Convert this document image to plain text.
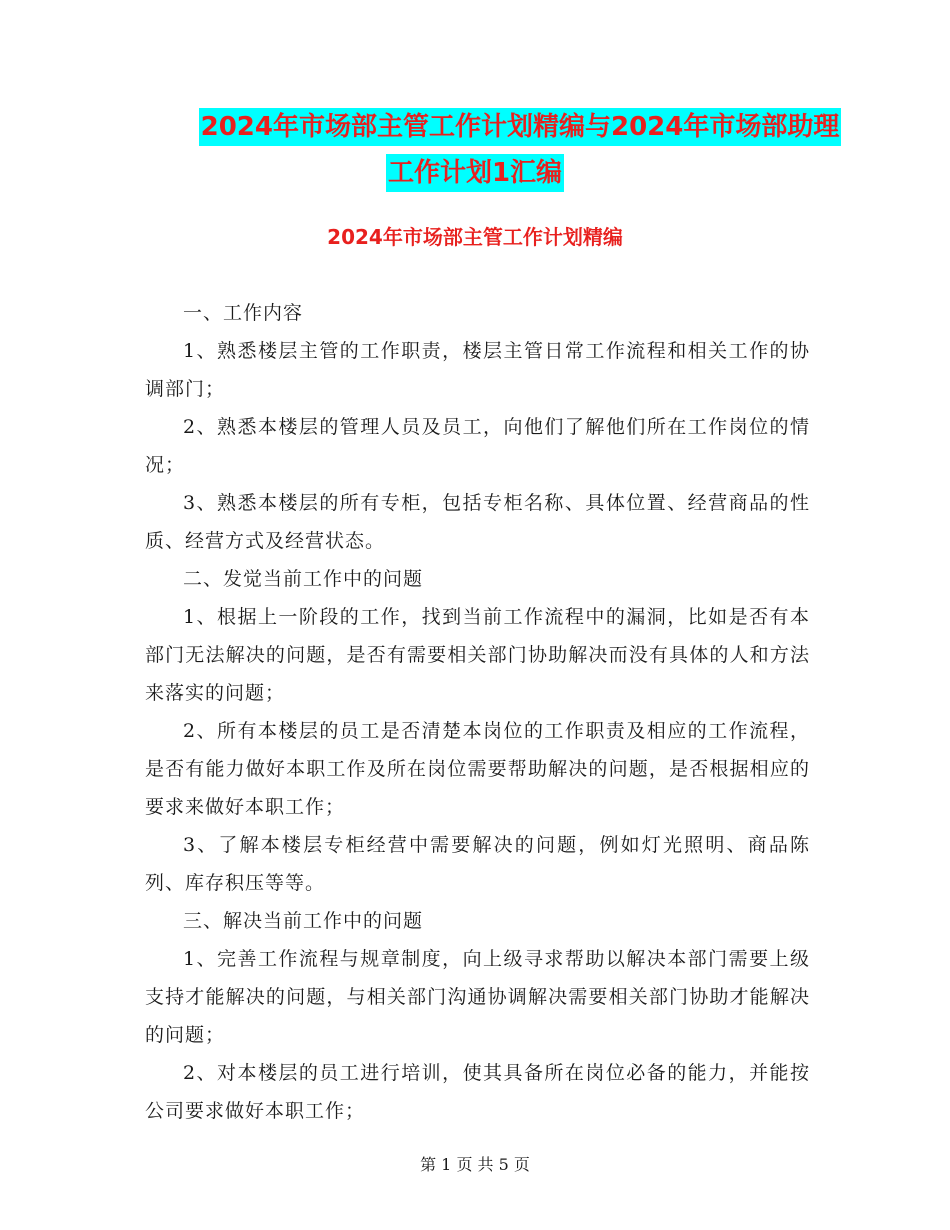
2024年市场部主管工作计划精编与2024年市场部助理
工作计划1汇编
2024年市场部主管工作计划精编

一、工作内容

1、熟悉楼层主管的工作职责，楼层主管日常工作流程和相关工作的协调部门；

2、熟悉本楼层的管理人员及员工，向他们了解他们所在工作岗位的情况；

3、熟悉本楼层的所有专柜，包括专柜名称、具体位置、经营商品的性质、经营方式及经营状态。

二、发觉当前工作中的问题

1、根据上一阶段的工作，找到当前工作流程中的漏洞，比如是否有本部门无法解决的问题，是否有需要相关部门协助解决而没有具体的人和方法来落实的问题；

2、所有本楼层的员工是否清楚本岗位的工作职责及相应的工作流程，是否有能力做好本职工作及所在岗位需要帮助解决的问题，是否根据相应的要求来做好本职工作；

3、了解本楼层专柜经营中需要解决的问题，例如灯光照明、商品陈列、库存积压等等。

三、解决当前工作中的问题

1、完善工作流程与规章制度，向上级寻求帮助以解决本部门需要上级支持才能解决的问题，与相关部门沟通协调解决需要相关部门协助才能解决的问题；

2、对本楼层的员工进行培训，使其具备所在岗位必备的能力，并能按公司要求做好本职工作；

第 1 页 共 5 页
